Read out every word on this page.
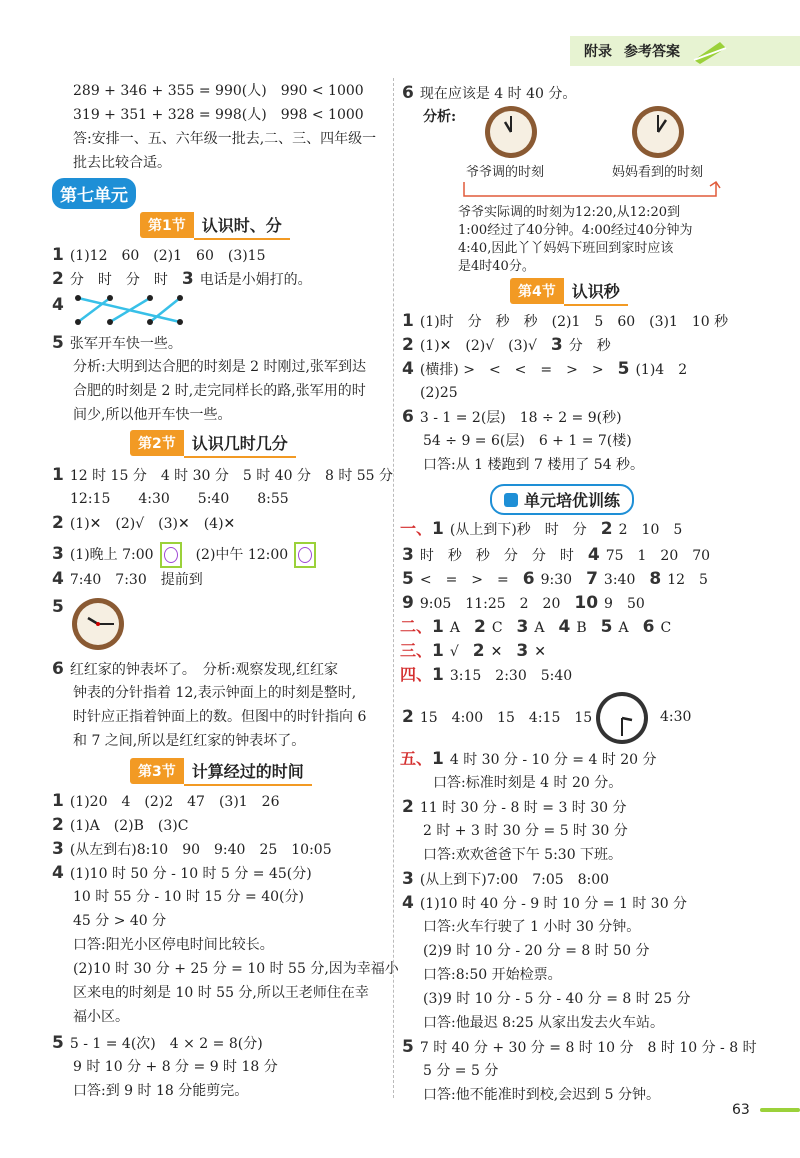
附录 参考答案
289 + 346 + 355 = 990(人)　990 < 1000
319 + 351 + 328 = 998(人)　998 < 1000
答:安排一、五、六年级一批去,二、三、四年级一
批去比较合适。
第七单元
第1节	认识时、分
1 (1)12　60　(2)1　60　(3)15
2 分　时　分　时　 3 电话是小娟打的。
4
5 张军开车快一些。
分析:大明到达合肥的时刻是 2 时刚过,张军到达
合肥的时刻是 2 时,走完同样长的路,张军用的时
间少,所以他开车快一些。
第2节	认识几时几分
1 12 时 15 分　4 时 30 分　5 时 40 分　8 时 55 分
12:15　　4:30　　5:40　　8:55
2 (1)✕　(2)√　(3)✕　(4)✕
3 (1)晚上 7:00 ○　 (2)中午 12:00
4 7:40　7:30　提前到
5
6 红红家的钟表坏了。　 分析:观察发现,红红家
钟表的分针指着 12,表示钟面上的时刻是整时,
时针应正指着钟面上的数。但图中的时针指向 6
和 7 之间,所以是红红家的钟表坏了。
第3节	计算经过的时间
1 (1)20　4　(2)2　47　(3)1　26
2 (1)A　(2)B　(3)C
3 (从左到右)8:10　90　9:40　25　10:05
4 (1)10 时 50 分 - 10 时 5 分 = 45(分)
10 时 55 分 - 10 时 15 分 = 40(分)
45 分 > 40 分
口答:阳光小区停电时间比较长。
(2)10 时 30 分 + 25 分 = 10 时 55 分,因为幸福小
区来电的时刻是 10 时 55 分,所以王老师住在幸
福小区。
5 5 - 1 = 4(次)　4 × 2 = 8(分)
9 时 10 分 + 8 分 = 9 时 18 分
口答:到 9 时 18 分能剪完。
6 现在应该是 4 时 40 分。
分析:
爷爷调的时刻	妈妈看到的时刻
爷爷实际调的时刻为12:20,从12:20到
1:00经过了40分钟。4:00经过40分钟为
4:40,因此丫丫妈妈下班回到家时应该
是4时40分。
第4节	认识秒
1 (1)时　分　秒　秒　(2)1　5　60　(3)1　10 秒
2 (1)✕　(2)√　(3)√　 3 分　秒
4 (横排) >　<　<　=　>　>　 5 (1)4　2
(2)25
6 3 - 1 = 2(层)　18 ÷ 2 = 9(秒)
54 ÷ 9 = 6(层)　6 + 1 = 7(楼)
口答:从 1 楼跑到 7 楼用了 54 秒。
单元培优训练
一、1 (从上到下)秒　时　分　 2 2　10　5
3 时　秒　秒　分　分　时　 4 75　1　20　70
5 <　=　>　=　 6 9:30　 7 3:40　 8 12　5
9 9:05　11:25　2　20　 10 9　50
二、1 A　 2 C　 3 A　 4 B　 5 A　 6 C
三、1 √　 2 ✕　 3 ✕
四、1 3:15　2:30　5:40
2 15　4:00　15　4:15　15	4:30
五、1 4 时 30 分 - 10 分 = 4 时 20 分
口答:标准时刻是 4 时 20 分。
2 11 时 30 分 - 8 时 = 3 时 30 分
2 时 + 3 时 30 分 = 5 时 30 分
口答:欢欢爸爸下午 5:30 下班。
3 (从上到下)7:00　7:05　8:00
4 (1)10 时 40 分 - 9 时 10 分 = 1 时 30 分
口答:火车行驶了 1 小时 30 分钟。
(2)9 时 10 分 - 20 分 = 8 时 50 分
口答:8:50 开始检票。
(3)9 时 10 分 - 5 分 - 40 分 = 8 时 25 分
口答:他最迟 8:25 从家出发去火车站。
5 7 时 40 分 + 30 分 = 8 时 10 分　8 时 10 分 - 8 时
5 分 = 5 分
口答:他不能准时到校,会迟到 5 分钟。
63
